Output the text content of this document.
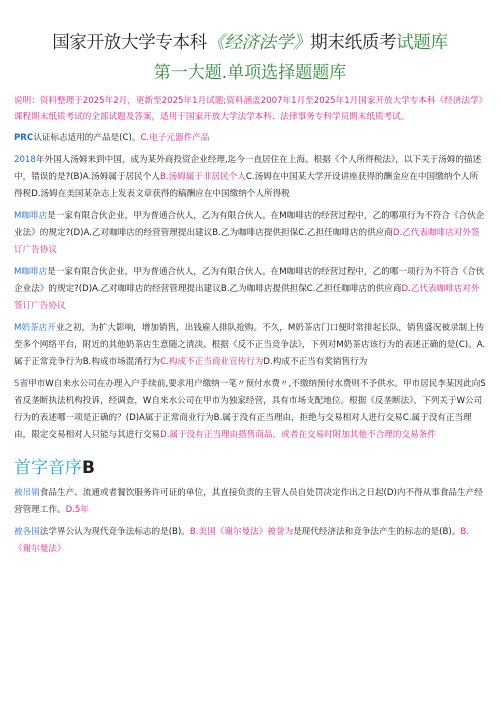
国家开放大学专本科《经济法学》期末纸质考试题库
第一大题.单项选择题题库

说明：资料整理于2025年2月，更新至2025年1月试题;资料涵盖2007年1月至2025年1月国家开放大学专本科《经济法学》课程期末纸质考试的全部试题及答案，适用于国家开放大学法学本科、法律事务专科学员期末纸质考试。

PRC认证标志适用的产品是(C)。C.电子元器件产品

2018年外国人汤姆来到中国，成为某外商投资企业经理,迄今一直居住在上海。根据《个人所得税法》，以下关于汤姆的描述中，错误的是?(B)A.汤姆属于居民个人B.汤姆属于非居民个人C.汤姆在中国某大学开设讲座获得的酬金应在中国缴纳个人所得税D.汤姆在美国某杂志上发表文章获得的稿酬应在中国缴纳个人所得税

M咖啡店是一家有限合伙企业，甲为普通合伙人，乙为有限合伙人。在M咖啡店的经营过程中，乙的哪项行为不符合《合伙企业法》的规定?(D)A.乙对咖啡店的经营管理提出建议B.乙为咖啡店提供担保C.乙担任咖啡店的供应商D.乙代表咖啡店对外签订广告协议

M咖啡店是一家有限合伙企业，甲为普通合伙人，乙为有限合伙人。在M咖啡店的经营过程中，乙的哪一项行为不符合《合伙企业法》的规定?(D)A.乙对咖啡店的经营管理提出建议B.乙为咖啡店提供担保C.乙担任咖啡店的供应商D.乙代表咖啡店对外签订广告协议

M奶茶店开业之初，为扩大影响，增加销售，出钱雇人排队抢购。不久，M奶茶店门口便时常排起长队，销售盛况被录制上传至多个网络平台，附近的其他奶茶店生意随之清淡。根据《反不正当竞争法》，下列对M奶茶店该行为的表述正确的是(C)。A.属于正常竞争行为B.构成市场混淆行为C.构成不正当商业宣传行为D.构成不正当有奖销售行为

S省甲市W自来水公司在办理入户手续前,要求用户缴纳一笔〃预付水费〃,不缴纳预付水费则不予供水。甲市居民李某因此向S省反垄断执法机构投诉，经调查，W自来水公司在甲市为独家经营，具有市场支配地位。根据《反垄断法》，下列关于W公司行为的表述哪一项是正确的？(D)A属于正常商业行为B.属于没有正当理由，拒绝与交易相对人进行交易C.属于没有正当理由，限定交易相对人只能与其进行交易D.属于没有正当理由搭售商品，或者在交易时附加其他不合理的交易条件

首字音序B

被吊销食品生产、流通或者餐饮服务许可证的单位，其直接负责的主管人员自处罚决定作出之日起(D)内不得从事食品生产经营管理工作。D.5年

被各国法学界公认为现代竞争法标志的是(B)。B.美国《谢尔曼法》被誉为是现代经济法和竞争法产生的标志的是(B)。B.《谢尔曼法》
